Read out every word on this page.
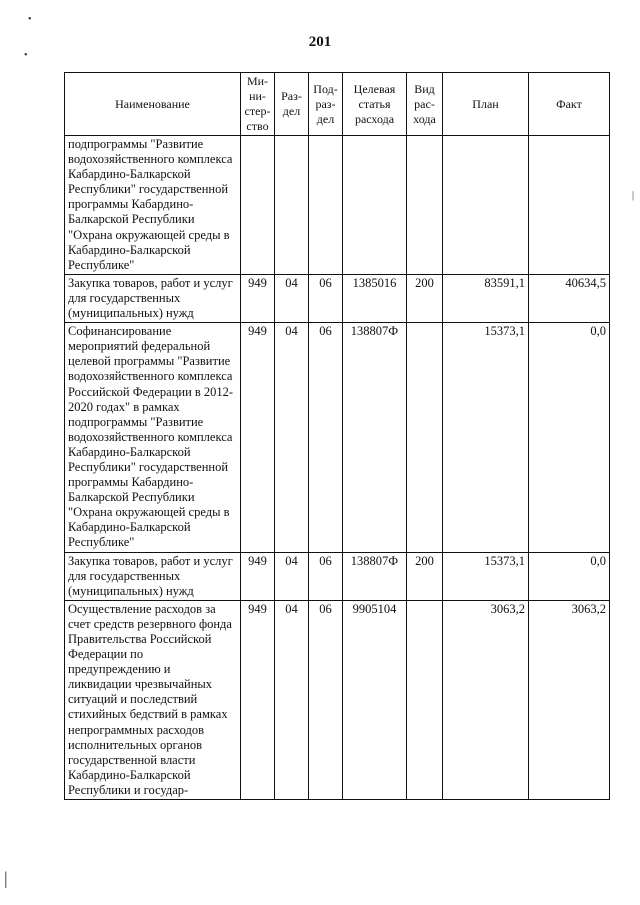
201
•
•
|
|
Наименование	Ми-ни-стер-ство	Раз-дел	Под-раз-дел	Целевая статья расхода	Вид рас-хода	План	Факт
подпрограммы "Развитие водохозяйственного комплекса Кабардино-Балкарской Республики" государственной программы Кабардино-Балкарской Республики "Охрана окружающей среды в Кабардино-Балкарской Республике"							
Закупка товаров, работ и услуг для государственных (муниципальных) нужд	949	04	06	1385016	200	83591,1	40634,5
Софинансирование мероприятий федеральной целевой программы "Развитие водохозяйственного комплекса Российской Федерации в 2012-2020 годах" в рамках подпрограммы "Развитие водохозяйственного комплекса Кабардино-Балкарской Республики" государственной программы Кабардино-Балкарской Республики "Охрана окружающей среды в Кабардино-Балкарской Республике"	949	04	06	138807Ф		15373,1	0,0
Закупка товаров, работ и услуг для государственных (муниципальных) нужд	949	04	06	138807Ф	200	15373,1	0,0
Осуществление расходов за счет средств резервного фонда Правительства Российской Федерации по предупреждению и ликвидации чрезвычайных ситуаций и последствий стихийных бедствий в рамках непрограммных расходов исполнительных органов государственной власти Кабардино-Балкарской Республики и государ-	949	04	06	9905104		3063,2	3063,2
